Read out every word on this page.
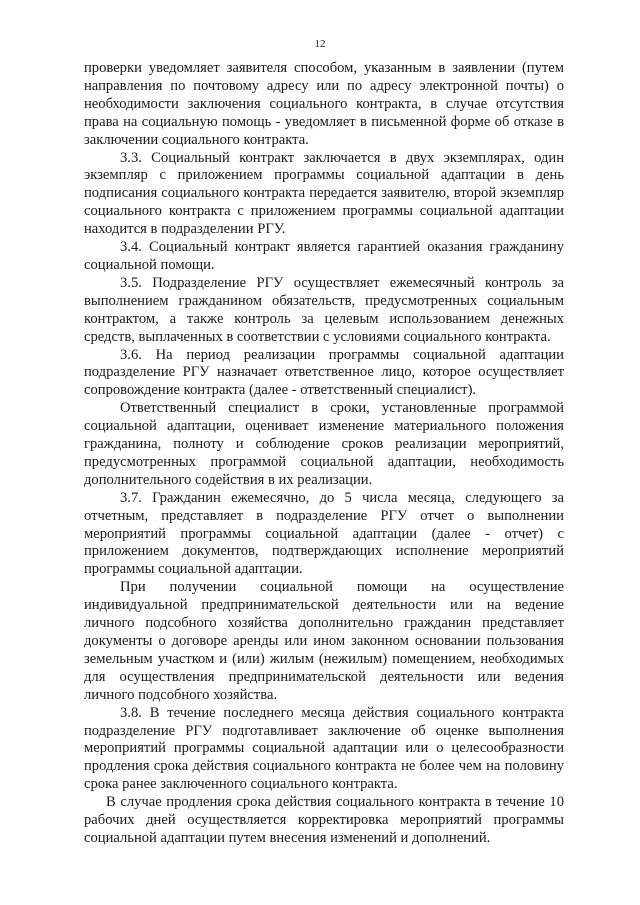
12

проверки уведомляет заявителя способом, указанным в заявлении (путем направления по почтовому адресу или по адресу электронной почты) о необходимости заключения социального контракта, в случае отсутствия права на социальную помощь - уведомляет в письменной форме об отказе в заключении социального контракта.

3.3. Социальный контракт заключается в двух экземплярах, один экземпляр с приложением программы социальной адаптации в день подписания социального контракта передается заявителю, второй экземпляр социального контракта с приложением программы социальной адаптации находится в подразделении РГУ.

3.4. Социальный контракт является гарантией оказания гражданину социальной помощи.

3.5. Подразделение РГУ осуществляет ежемесячный контроль за выполнением гражданином обязательств, предусмотренных социальным контрактом, а также контроль за целевым использованием денежных средств, выплаченных в соответствии с условиями социального контракта.

3.6. На период реализации программы социальной адаптации подразделение РГУ назначает ответственное лицо, которое осуществляет сопровождение контракта (далее - ответственный специалист).

Ответственный специалист в сроки, установленные программой социальной адаптации, оценивает изменение материального положения гражданина, полноту и соблюдение сроков реализации мероприятий, предусмотренных программой социальной адаптации, необходимость дополнительного содействия в их реализации.

3.7. Гражданин ежемесячно, до 5 числа месяца, следующего за отчетным, представляет в подразделение РГУ отчет о выполнении мероприятий программы социальной адаптации (далее - отчет) с приложением документов, подтверждающих исполнение мероприятий программы социальной адаптации.

При получении социальной помощи на осуществление индивидуальной предпринимательской деятельности или на ведение личного подсобного хозяйства дополнительно гражданин представляет документы о договоре аренды или ином законном основании пользования земельным участком и (или) жилым (нежилым) помещением, необходимых для осуществления предпринимательской деятельности или ведения личного подсобного хозяйства.

3.8. В течение последнего месяца действия социального контракта подразделение РГУ подготавливает заключение об оценке выполнения мероприятий программы социальной адаптации или о целесообразности продления срока действия социального контракта не более чем на половину срока ранее заключенного социального контракта.

В случае продления срока действия социального контракта в течение 10 рабочих дней осуществляется корректировка мероприятий программы социальной адаптации путем внесения изменений и дополнений.
